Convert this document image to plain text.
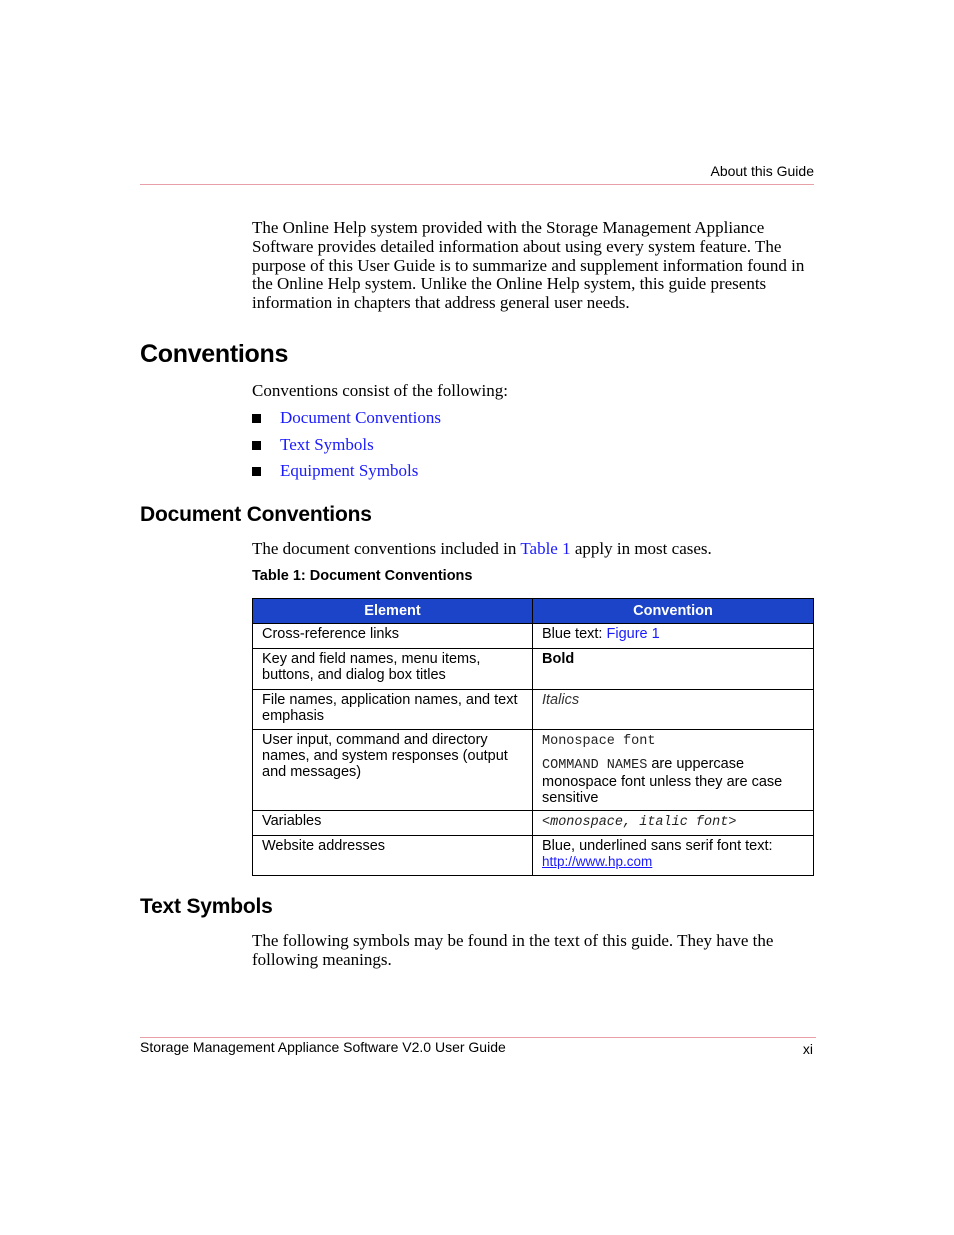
About this Guide
The Online Help system provided with the Storage Management Appliance Software provides detailed information about using every system feature. The purpose of this User Guide is to summarize and supplement information found in the Online Help system. Unlike the Online Help system, this guide presents information in chapters that address general user needs.
Conventions
Conventions consist of the following:
Document Conventions
Text Symbols
Equipment Symbols
Document Conventions
The document conventions included in Table 1 apply in most cases.
Table 1: Document Conventions
Element	Convention
Cross-reference links	Blue text: Figure 1
Key and field names, menu items, buttons, and dialog box titles	Bold
File names, application names, and text emphasis	Italics
User input, command and directory names, and system responses (output and messages)	Monospace font
COMMAND NAMES are uppercase monospace font unless they are case sensitive

Variables	<monospace, italic font>
Website addresses	Blue, underlined sans serif font text:
http://www.hp.com
Text Symbols
The following symbols may be found in the text of this guide. They have the following meanings.
Storage Management Appliance Software V2.0 User Guide	xi
